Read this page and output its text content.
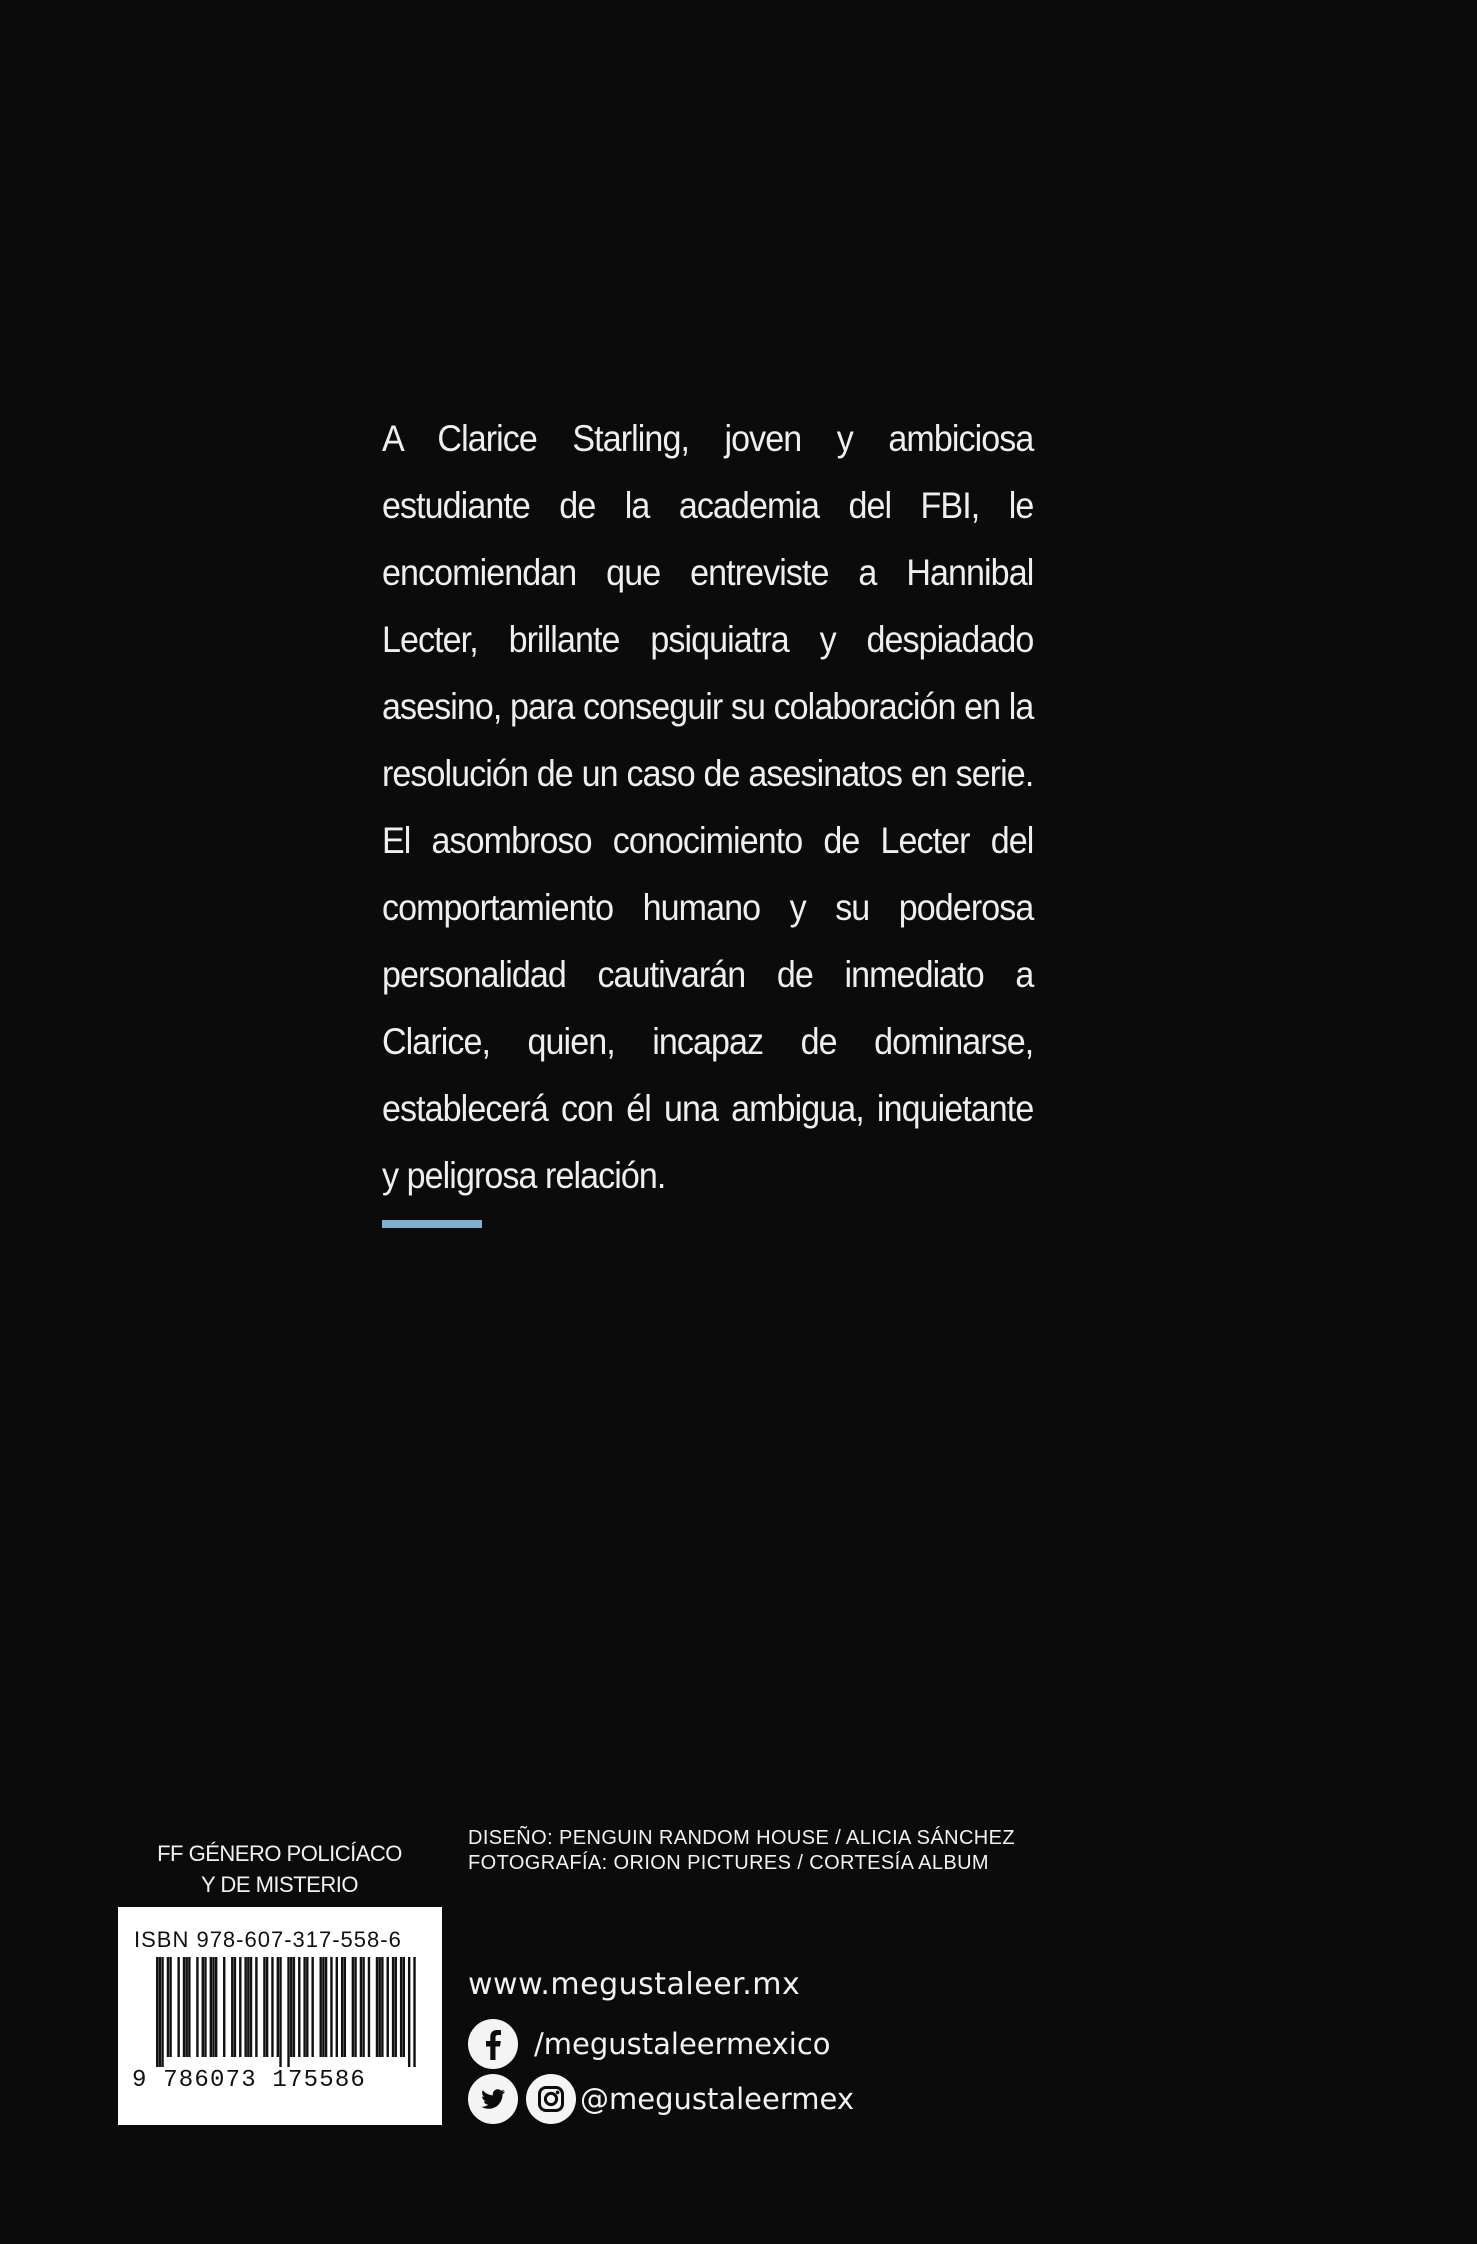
A Clarice Starling, joven y ambiciosa estudiante de la academia del FBI, le encomiendan que entreviste a Hannibal Lecter, brillante psiquiatra y despiadado asesino, para conseguir su colaboración en la resolución de un caso de asesinatos en serie. El asombroso conocimiento de Lecter del comportamiento humano y su poderosa personalidad cautivarán de inmediato a Clarice, quien, incapaz de dominarse, establecerá con él una ambigua, inquietante y peligrosa relación.

FF GÉNERO POLICÍACO
Y DE MISTERIO
ISBN 978-607-317-558-6
9 786073 175586
DISEÑO: PENGUIN RANDOM HOUSE / ALICIA SÁNCHEZ
FOTOGRAFÍA: ORION PICTURES / CORTESÍA ALBUM
www.megustaleer.mx
/megustaleermexico
@megustaleermex
